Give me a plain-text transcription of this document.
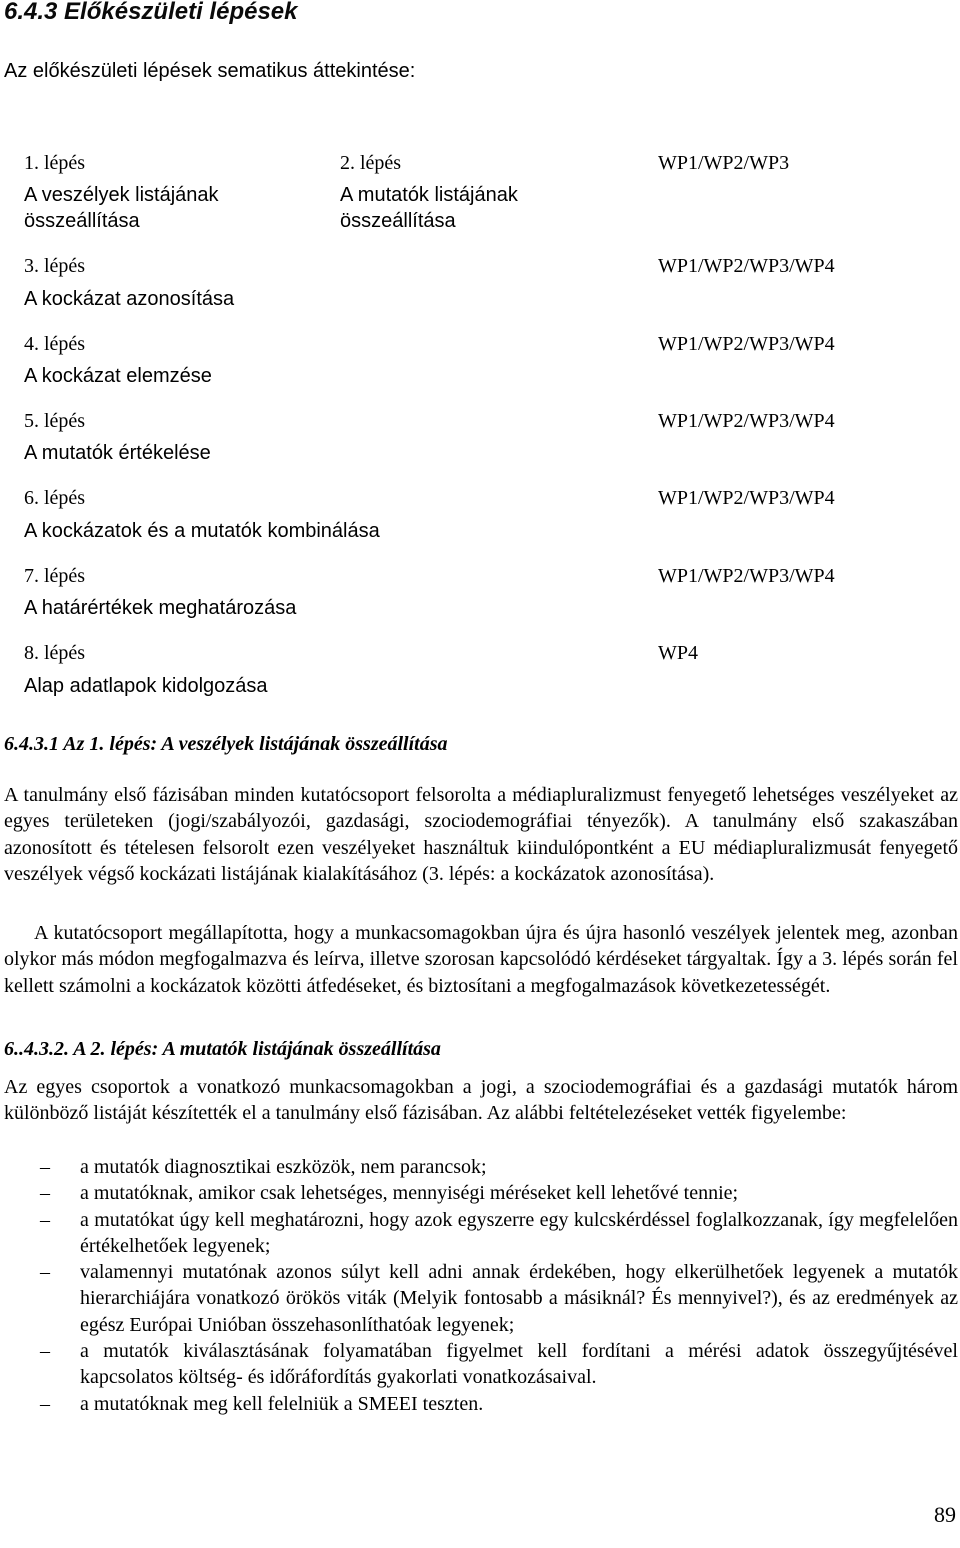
6.4.3 Előkészületi lépések
Az előkészületi lépések sematikus áttekintése:
1. lépés
A veszélyek listájának
összeállítása
2. lépés
A mutatók listájának
összeállítása
WP1/WP2/WP3
3. lépés
A kockázat azonosítása
WP1/WP2/WP3/WP4
4. lépés
A kockázat elemzése
WP1/WP2/WP3/WP4
5. lépés
A mutatók értékelése
WP1/WP2/WP3/WP4
6. lépés
A kockázatok és a mutatók kombinálása
WP1/WP2/WP3/WP4
7. lépés
A határértékek meghatározása
WP1/WP2/WP3/WP4
8. lépés
Alap adatlapok kidolgozása
WP4
6.4.3.1 Az 1. lépés: A veszélyek listájának összeállítása
A tanulmány első fázisában minden kutatócsoport felsorolta a médiapluralizmust fenyegető lehetséges veszélyeket az egyes területeken (jogi/szabályozói, gazdasági, szociodemográfiai tényezők). A tanulmány első szakaszában azonosított és tételesen felsorolt ezen veszélyeket használtuk kiindulópontként a EU médiapluralizmusát fenyegető veszélyek végső kockázati listájának kialakításához (3. lépés: a kockázatok azonosítása).
A kutatócsoport megállapította, hogy a munkacsomagokban újra és újra hasonló veszélyek jelentek meg, azonban olykor más módon megfogalmazva és leírva, illetve szorosan kapcsolódó kérdéseket tárgyaltak. Így a 3. lépés során fel kellett számolni a kockázatok közötti átfedéseket, és biztosítani a megfogalmazások következetességét.
6..4.3.2. A 2. lépés: A mutatók listájának összeállítása
Az egyes csoportok a vonatkozó munkacsomagokban a jogi, a szociodemográfiai és a gazdasági mutatók három különböző listáját készítették el a tanulmány első fázisában. Az alábbi feltételezéseket vették figyelembe:
– a mutatók diagnosztikai eszközök, nem parancsok;
– a mutatóknak, amikor csak lehetséges, mennyiségi méréseket kell lehetővé tennie;
– a mutatókat úgy kell meghatározni, hogy azok egyszerre egy kulcskérdéssel foglalkozzanak, így megfelelően értékelhetőek legyenek;
– valamennyi mutatónak azonos súlyt kell adni annak érdekében, hogy elkerülhetőek legyenek a mutatók hierarchiájára vonatkozó örökös viták (Melyik fontosabb a másiknál? És mennyivel?), és az eredmények az egész Európai Unióban összehasonlíthatóak legyenek;
– a mutatók kiválasztásának folyamatában figyelmet kell fordítani a mérési adatok összegyűjtésével kapcsolatos költség- és időráfordítás gyakorlati vonatkozásaival.
– a mutatóknak meg kell felelniük a SMEEI teszten.
89
